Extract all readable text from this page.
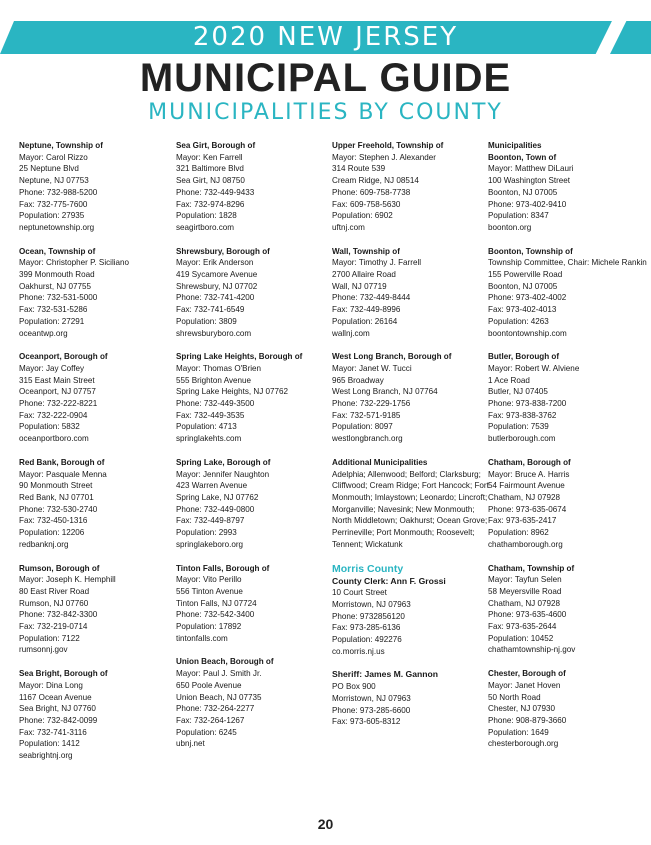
2020 NEW JERSEY
MUNICIPAL GUIDE
MUNICIPALITIES BY COUNTY
Neptune, Township of
Mayor: Carol Rizzo
25 Neptune Blvd
Neptune, NJ 07753
Phone: 732-988-5200
Fax: 732-775-7600
Population: 27935
neptunetownship.org
Ocean, Township of
Mayor: Christopher P. Siciliano
399 Monmouth Road
Oakhurst, NJ 07755
Phone: 732-531-5000
Fax: 732-531-5286
Population: 27291
oceantwp.org
Oceanport, Borough of
Mayor: Jay Coffey
315 East Main Street
Oceanport, NJ 07757
Phone: 732-222-8221
Fax: 732-222-0904
Population: 5832
oceanportboro.com
Red Bank, Borough of
Mayor: Pasquale Menna
90 Monmouth Street
Red Bank, NJ 07701
Phone: 732-530-2740
Fax: 732-450-1316
Population: 12206
redbanknj.org
Rumson, Borough of
Mayor: Joseph K. Hemphill
80 East River Road
Rumson, NJ 07760
Phone: 732-842-3300
Fax: 732-219-0714
Population: 7122
rumsonnj.gov
Sea Bright, Borough of
Mayor: Dina Long
1167 Ocean Avenue
Sea Bright, NJ 07760
Phone: 732-842-0099
Fax: 732-741-3116
Population: 1412
seabrightnj.org
Sea Girt, Borough of
Mayor: Ken Farrell
321 Baltimore Blvd
Sea Girt, NJ 08750
Phone: 732-449-9433
Fax: 732-974-8296
Population: 1828
seagirtboro.com
Shrewsbury, Borough of
Mayor: Erik Anderson
419 Sycamore Avenue
Shrewsbury, NJ 07702
Phone: 732-741-4200
Fax: 732-741-6549
Population: 3809
shrewsburyboro.com
Spring Lake Heights, Borough of
Mayor: Thomas O'Brien
555 Brighton Avenue
Spring Lake Heights, NJ 07762
Phone: 732-449-3500
Fax: 732-449-3535
Population: 4713
springlakehts.com
Spring Lake, Borough of
Mayor: Jennifer Naughton
423 Warren Avenue
Spring Lake, NJ 07762
Phone: 732-449-0800
Fax: 732-449-8797
Population: 2993
springlakeboro.org
Tinton Falls, Borough of
Mayor: Vito Perillo
556 Tinton Avenue
Tinton Falls, NJ 07724
Phone: 732-542-3400
Population: 17892
tintonfalls.com
Union Beach, Borough of
Mayor: Paul J. Smith Jr.
650 Poole Avenue
Union Beach, NJ 07735
Phone: 732-264-2277
Fax: 732-264-1267
Population: 6245
ubnj.net
Upper Freehold, Township of
Mayor: Stephen J. Alexander
314 Route 539
Cream Ridge, NJ 08514
Phone: 609-758-7738
Fax: 609-758-5630
Population: 6902
uftnj.com
Wall, Township of
Mayor: Timothy J. Farrell
2700 Allaire Road
Wall, NJ 07719
Phone: 732-449-8444
Fax: 732-449-8996
Population: 26164
wallnj.com
West Long Branch, Borough of
Mayor: Janet W. Tucci
965 Broadway
West Long Branch, NJ 07764
Phone: 732-229-1756
Fax: 732-571-9185
Population: 8097
westlongbranch.org
Additional Municipalities
Adelphia; Allenwood; Belford; Clarksburg;
Cliffwood; Cream Ridge; Fort Hancock; Fort
Monmouth; Imlaystown; Leonardo; Lincroft;
Morganville; Navesink; New Monmouth;
North Middletown; Oakhurst; Ocean Grove;
Perrineville; Port Monmouth; Roosevelt;
Tennent; Wickatunk
Morris County
County Clerk: Ann F. Grossi
10 Court Street
Morristown, NJ 07963
Phone: 9732856120
Fax: 973-285-6136
Population: 492276
co.morris.nj.us
Sheriff: James M. Gannon
PO Box 900
Morristown, NJ 07963
Phone: 973-285-6600
Fax: 973-605-8312
Municipalities
Boonton, Town of
Mayor: Matthew DiLauri
100 Washington Street
Boonton, NJ 07005
Phone: 973-402-9410
Population: 8347
boonton.org
Boonton, Township of
Township Committee, Chair: Michele Rankin
155 Powerville Road
Boonton, NJ 07005
Phone: 973-402-4002
Fax: 973-402-4013
Population: 4263
boontontownship.com
Butler, Borough of
Mayor: Robert W. Alviene
1 Ace Road
Butler, NJ 07405
Phone: 973-838-7200
Fax: 973-838-3762
Population: 7539
butlerborough.com
Chatham, Borough of
Mayor: Bruce A. Harris
54 Fairmount Avenue
Chatham, NJ 07928
Phone: 973-635-0674
Fax: 973-635-2417
Population: 8962
chathamborough.org
Chatham, Township of
Mayor: Tayfun Selen
58 Meyersville Road
Chatham, NJ 07928
Phone: 973-635-4600
Fax: 973-635-2644
Population: 10452
chathamtownship-nj.gov
Chester, Borough of
Mayor: Janet Hoven
50 North Road
Chester, NJ 07930
Phone: 908-879-3660
Population: 1649
chesterborough.org
20
